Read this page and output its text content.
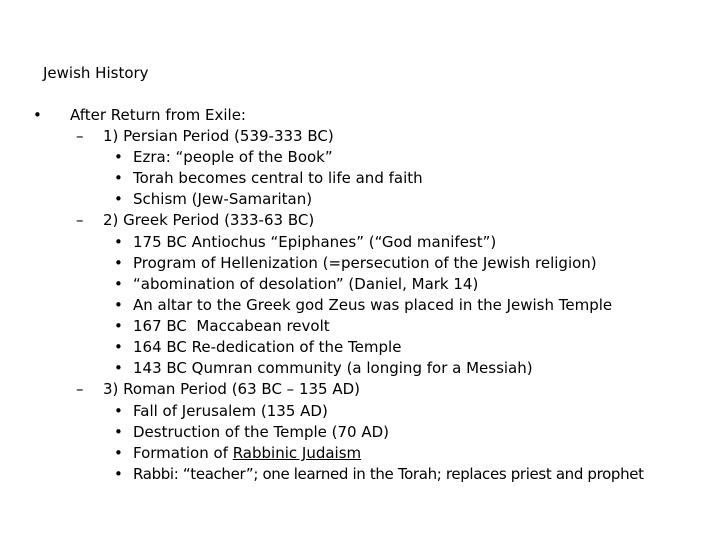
Jewish History
• After Return from Exile:
– 1) Persian Period (539-333 BC)
• Ezra: “people of the Book”
• Torah becomes central to life and faith
• Schism (Jew-Samaritan)
– 2) Greek Period (333-63 BC)
• 175 BC Antiochus “Epiphanes” (“God manifest”)
• Program of Hellenization (=persecution of the Jewish religion)
• “abomination of desolation” (Daniel, Mark 14)
• An altar to the Greek god Zeus was placed in the Jewish Temple
• 167 BC  Maccabean revolt
• 164 BC Re-dedication of the Temple
• 143 BC Qumran community (a longing for a Messiah)
– 3) Roman Period (63 BC – 135 AD)
• Fall of Jerusalem (135 AD)
• Destruction of the Temple (70 AD)
• Formation of Rabbinic Judaism
• Rabbi: “teacher”; one learned in the Torah; replaces priest and prophet
